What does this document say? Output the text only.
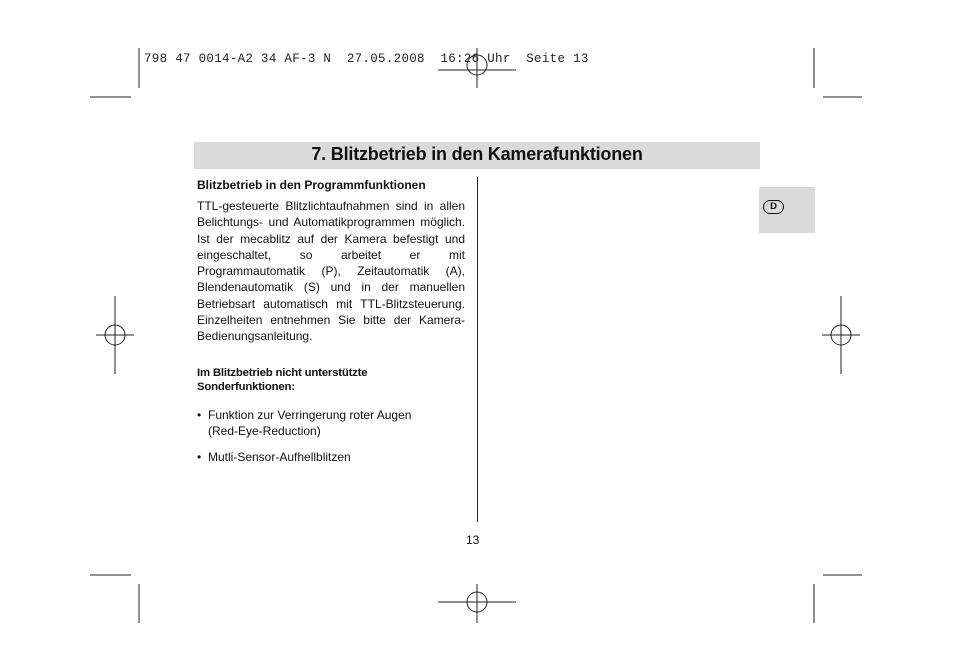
798 47 0014-A2 34 AF-3 N  27.05.2008  16:26 Uhr  Seite 13
7. Blitzbetrieb in den Kamerafunktionen
D
Blitzbetrieb in den Programmfunktionen

TTL-gesteuerte Blitzlichtaufnahmen sind in allen Belichtungs- und Automatikprogrammen möglich. Ist der mecablitz auf der Kamera befestigt und eingeschaltet, so arbeitet er mit Programmautomatik (P), Zeitautomatik (A), Blendenautomatik (S) und in der manuellen Betriebsart automatisch mit TTL-Blitzsteuerung. Einzelheiten entnehmen Sie bitte der Kamera-Bedienungsanleitung.

Im Blitzbetrieb nicht unterstützte Sonderfunktionen:
• Funktion zur Verringerung roter Augen
(Red-Eye-Reduction)
• Mutli-Sensor-Aufhellblitzen
13
